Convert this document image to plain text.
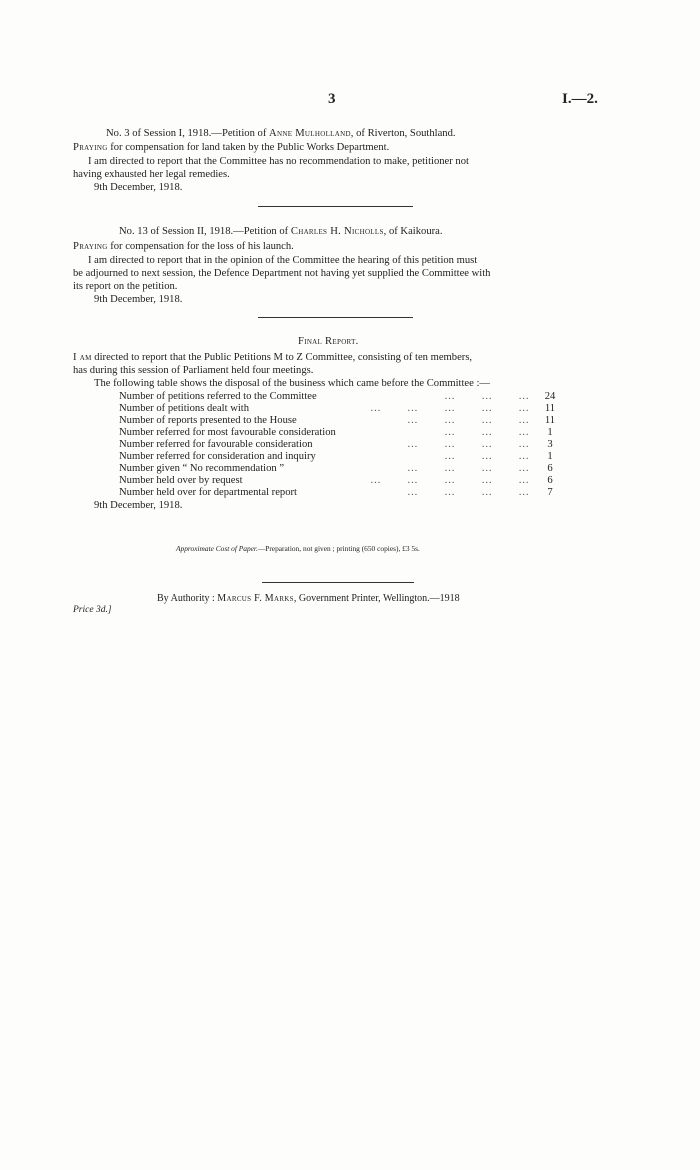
3	I.—2.
No. 3 of Session I, 1918.—Petition of Anne Mulholland, of Riverton, Southland.
Praying for compensation for land taken by the Public Works Department.
I am directed to report that the Committee has no recommendation to make, petitioner not
having exhausted her legal remedies.
9th December, 1918.
No. 13 of Session II, 1918.—Petition of Charles H. Nicholls, of Kaikoura.
Praying for compensation for the loss of his launch.
I am directed to report that in the opinion of the Committee the hearing of this petition must
be adjourned to next session, the Defence Department not having yet supplied the Committee with
its report on the petition.
9th December, 1918.
Final Report.
I am directed to report that the Public Petitions M to Z Committee, consisting of ten members,
has during this session of Parliament held four meetings.
The following table shows the disposal of the business which came before the Committee :—
…          …          …
Number of petitions referred to the Committee	24
…          …          …          …          …
Number of petitions dealt with	11
…          …          …          …
Number of reports presented to the House	11
…          …          …
Number referred for most favourable consideration	1
…          …          …          …
Number referred for favourable consideration	3
…          …          …
Number referred for consideration and inquiry	1
…          …          …          …
Number given “ No recommendation ”	6
…          …          …          …          …
Number held over by request	6
…          …          …          …
Number held over for departmental report	7
9th December, 1918.
Approximate Cost of Paper.—Preparation, not given ; printing (650 copies), £3 5s.
By Authority : Marcus F. Marks, Government Printer, Wellington.—1918
Price 3d.]
